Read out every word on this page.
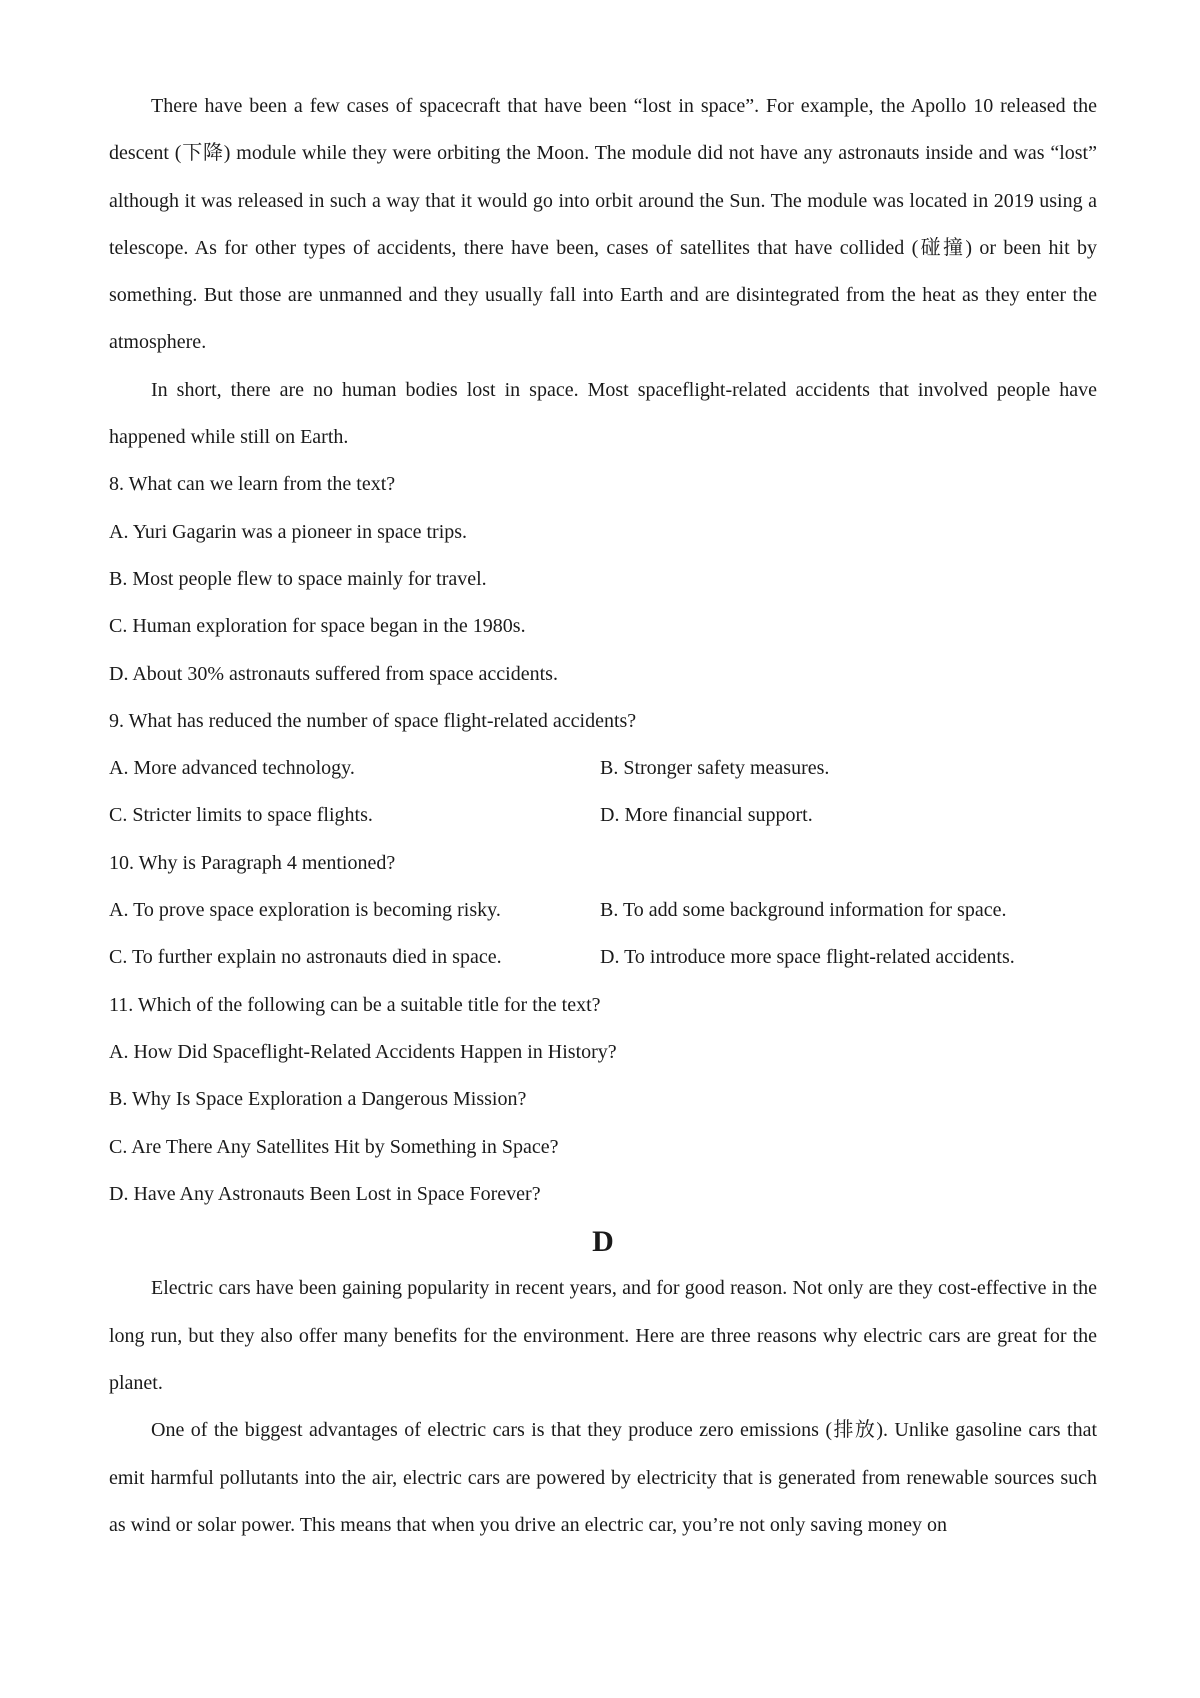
There have been a few cases of spacecraft that have been “lost in space”. For example, the Apollo 10 released the descent (下降) module while they were orbiting the Moon. The module did not have any astronauts inside and was “lost” although it was released in such a way that it would go into orbit around the Sun. The module was located in 2019 using a telescope. As for other types of accidents, there have been, cases of satellites that have collided (碰撞) or been hit by something. But those are unmanned and they usually fall into Earth and are disintegrated from the heat as they enter the atmosphere.

In short, there are no human bodies lost in space. Most spaceflight-related accidents that involved people have happened while still on Earth.

8. What can we learn from the text?

A. Yuri Gagarin was a pioneer in space trips.

B. Most people flew to space mainly for travel.

C. Human exploration for space began in the 1980s.

D. About 30% astronauts suffered from space accidents.

9. What has reduced the number of space flight-related accidents?

A. More advanced technology.	B. Stronger safety measures.
C. Stricter limits to space flights.	D. More financial support.

10. Why is Paragraph 4 mentioned?

A. To prove space exploration is becoming risky.	B. To add some background information for space.
C. To further explain no astronauts died in space.	D. To introduce more space flight-related accidents.

11. Which of the following can be a suitable title for the text?

A. How Did Spaceflight-Related Accidents Happen in History?

B. Why Is Space Exploration a Dangerous Mission?

C. Are There Any Satellites Hit by Something in Space?

D. Have Any Astronauts Been Lost in Space Forever?

D

Electric cars have been gaining popularity in recent years, and for good reason. Not only are they cost-effective in the long run, but they also offer many benefits for the environment. Here are three reasons why electric cars are great for the planet.

One of the biggest advantages of electric cars is that they produce zero emissions (排放). Unlike gasoline cars that emit harmful pollutants into the air, electric cars are powered by electricity that is generated from renewable sources such as wind or solar power. This means that when you drive an electric car, you’re not only saving money on
